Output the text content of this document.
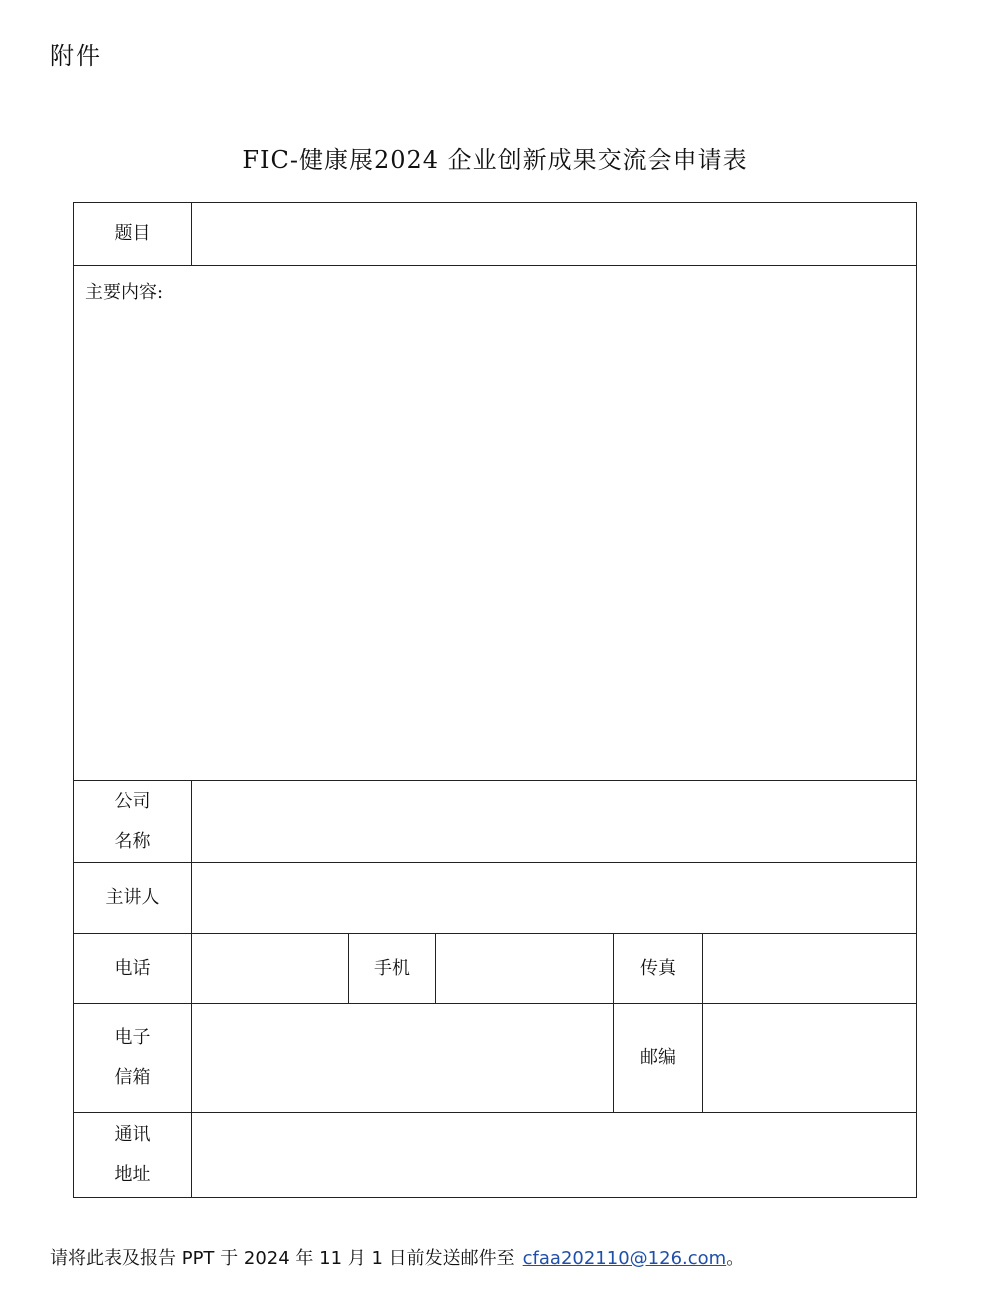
附件
FIC-健康展2024 企业创新成果交流会申请表
题目					
主要内容:					

公司
名称					

主讲人					
电话		手机		传真	

电子
信箱				邮编	

通讯
地址					

请将此表及报告 PPT 于 2024 年 11 月 1 日前发送邮件至 cfaa202110@126.com。
